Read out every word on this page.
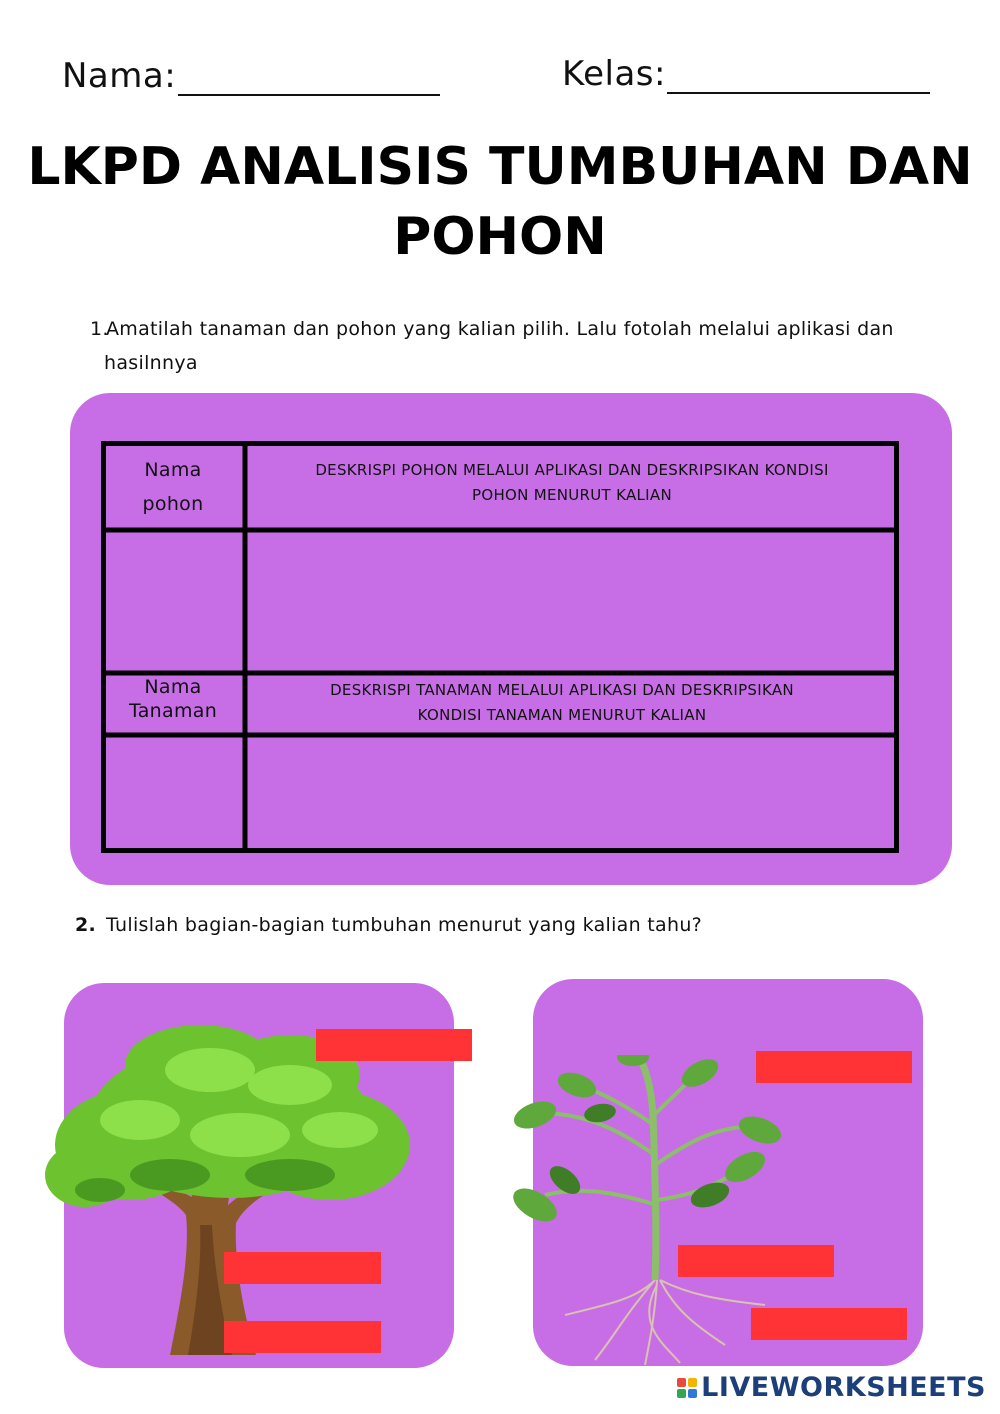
Nama:	Kelas:
LKPD ANALISIS TUMBUHAN DAN
POHON
1.
Amatilah tanaman dan pohon yang kalian pilih. Lalu fotolah melalui aplikasi dan
hasilnnya
Nama
pohon
DESKRISPI POHON MELALUI APLIKASI DAN DESKRIPSIKAN KONDISI
POHON MENURUT KALIAN
Nama
Tanaman
DESKRISPI TANAMAN MELALUI APLIKASI DAN DESKRIPSIKAN
KONDISI TANAMAN MENURUT KALIAN
2. Tulislah bagian-bagian tumbuhan menurut yang kalian tahu?
LIVEWORKSHEETS
